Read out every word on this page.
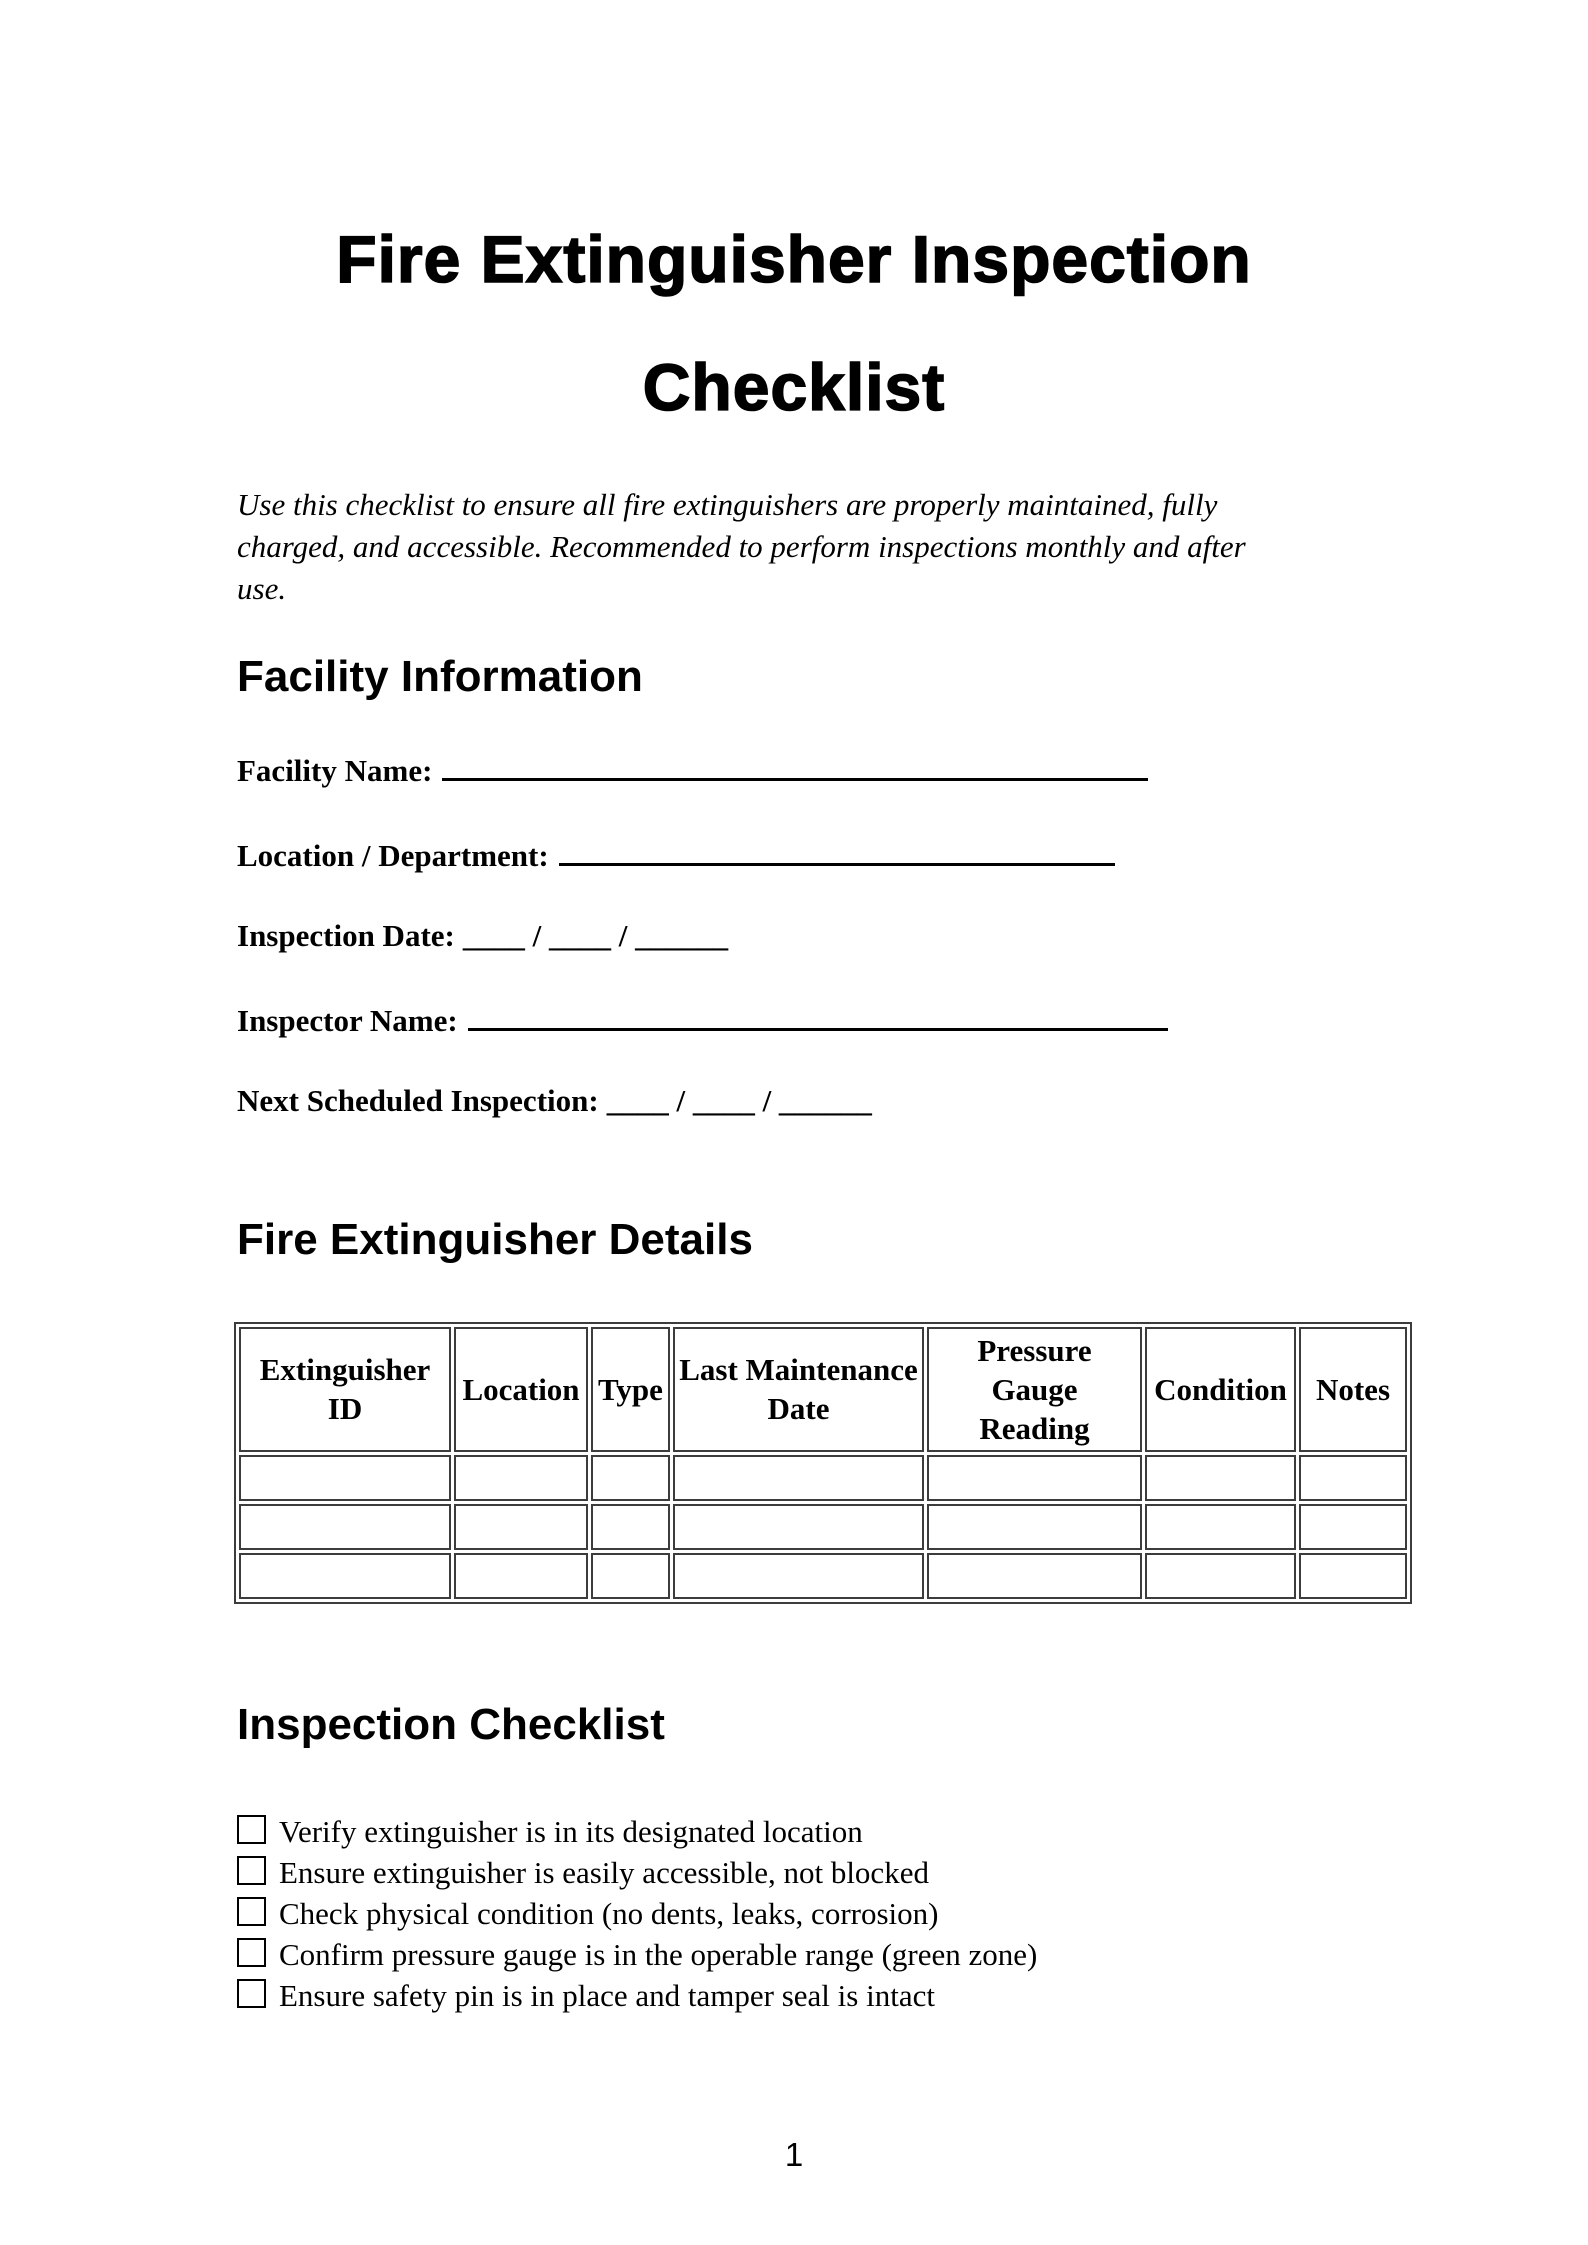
Fire Extinguisher Inspection
Checklist

Use this checklist to ensure all fire extinguishers are properly maintained, fully charged, and accessible. Recommended to perform inspections monthly and after use.

Facility Information
Facility Name:
Location / Department:
Inspection Date: ____ / ____ / ______
Inspector Name:
Next Scheduled Inspection: ____ / ____ / ______
Fire Extinguisher Details
Extinguisher ID	Location	Type	Last Maintenance Date	Pressure Gauge Reading	Condition	Notes

Inspection Checklist
Verify extinguisher is in its designated location
Ensure extinguisher is easily accessible, not blocked
Check physical condition (no dents, leaks, corrosion)
Confirm pressure gauge is in the operable range (green zone)
Ensure safety pin is in place and tamper seal is intact
1
